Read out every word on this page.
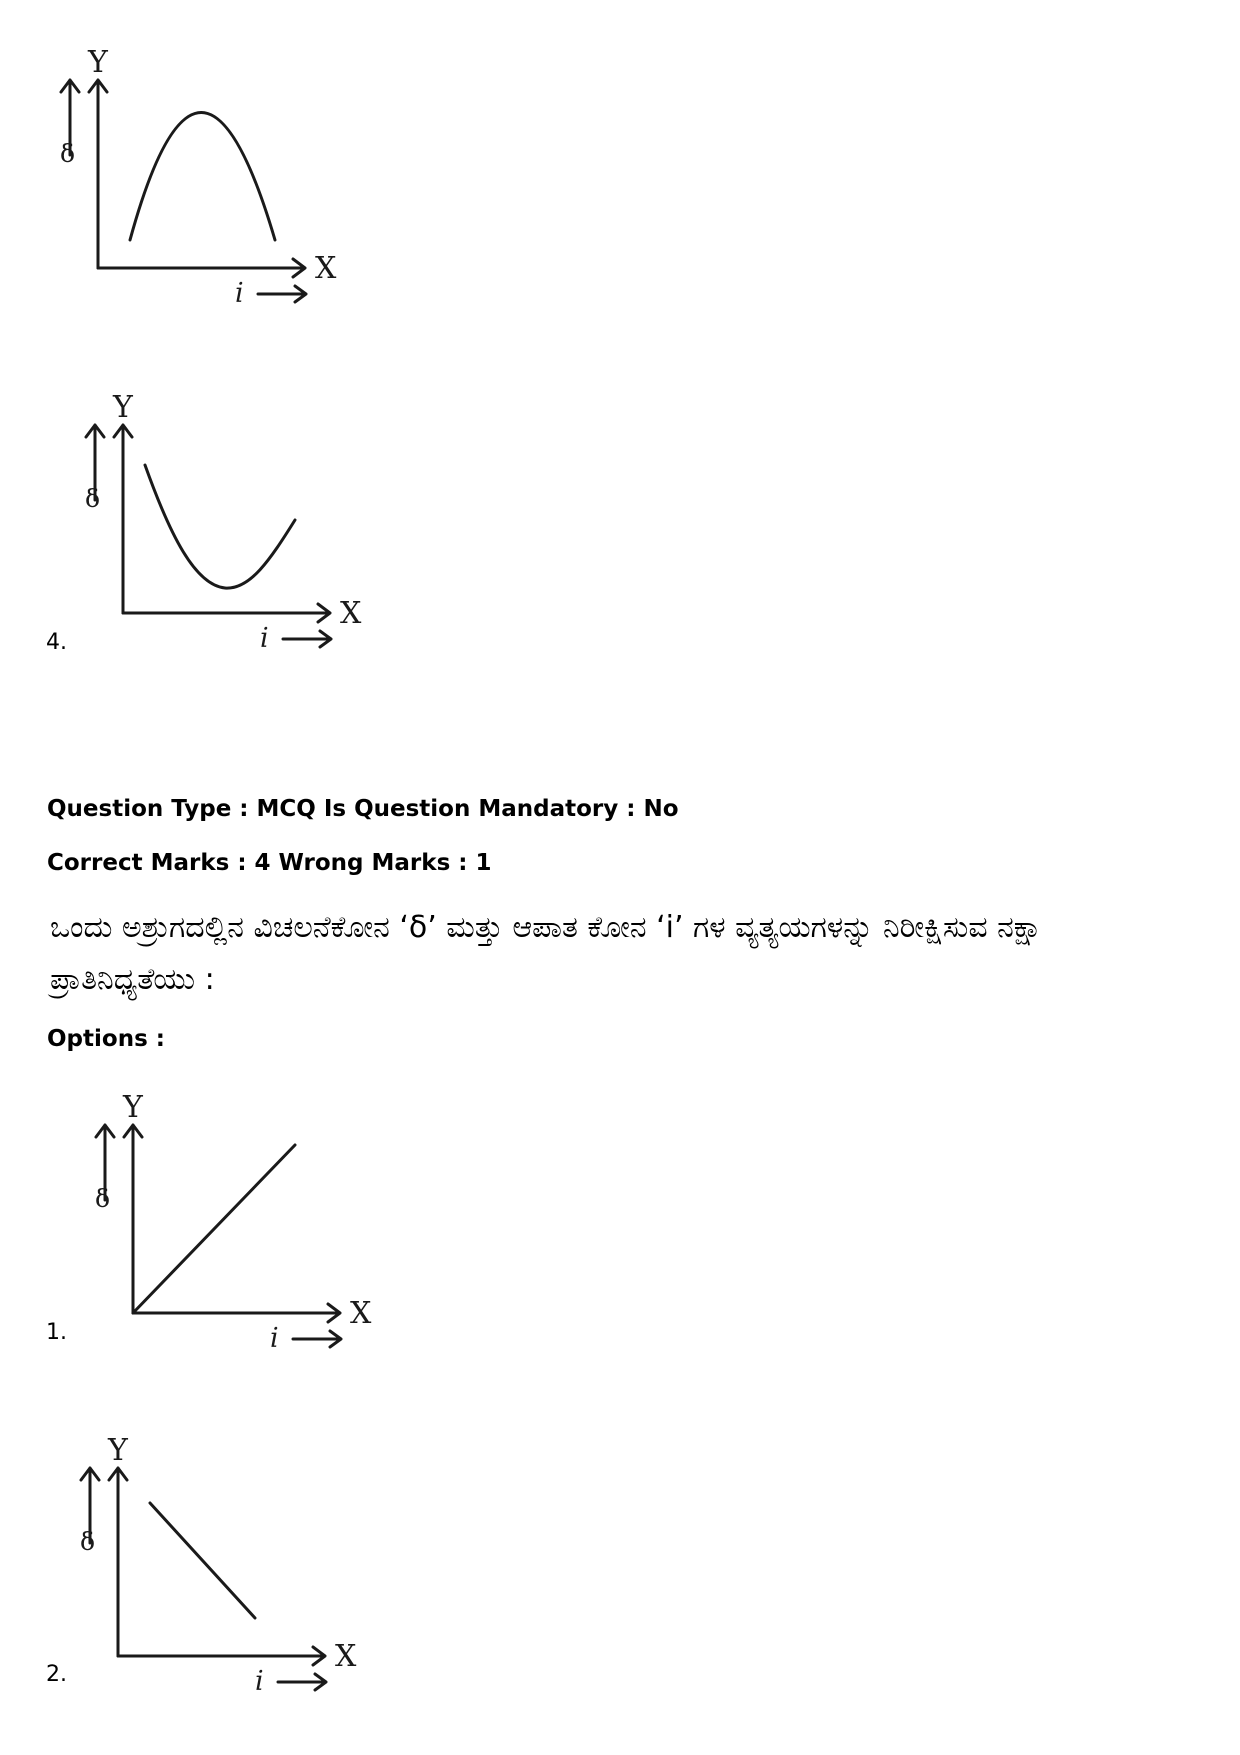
Y
δ
X
i
4.
Y
δ
X
i
Question Type : MCQ Is Question Mandatory : No
Correct Marks : 4 Wrong Marks : 1
ಒಂದು ಅಶ್ರುಗದಲ್ಲಿನ ವಿಚಲನೆಕೋನ ‘δ’ ಮತ್ತು ಆಪಾತ ಕೋನ ‘i’ ಗಳ ವ್ಯತ್ಯಯಗಳನ್ನು ನಿರೀಕ್ಷಿಸುವ ನಕ್ಷಾ
ಪ್ರಾತಿನಿಧ್ಯತೆಯು :
Options :
1.
Y
δ
X
i
2.
Y
δ
X
i
